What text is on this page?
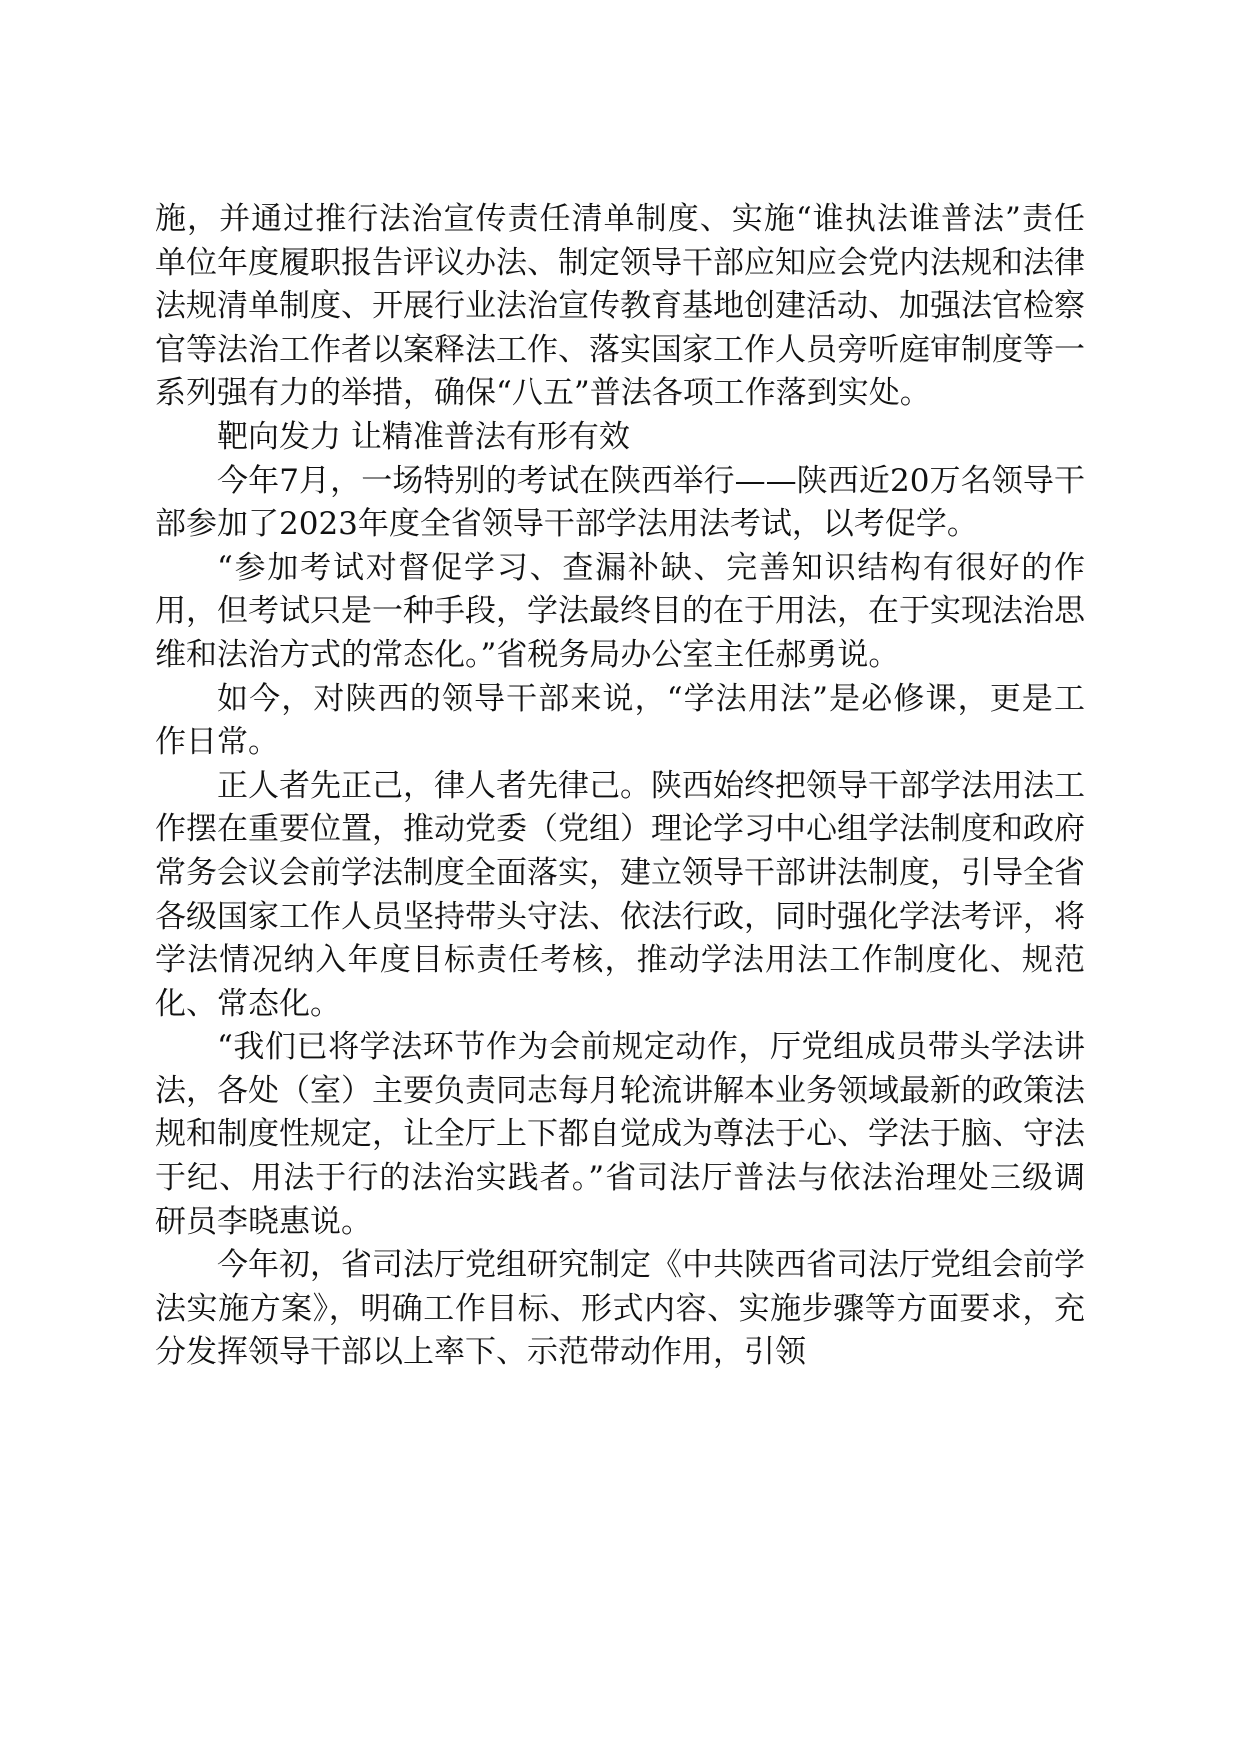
施，并通过推行法治宣传责任清单制度、实施“谁执法谁普法”责任单位年度履职报告评议办法、制定领导干部应知应会党内法规和法律法规清单制度、开展行业法治宣传教育基地创建活动、加强法官检察官等法治工作者以案释法工作、落实国家工作人员旁听庭审制度等一系列强有力的举措，确保“八五”普法各项工作落到实处。

靶向发力 让精准普法有形有效

今年7月，一场特别的考试在陕西举行——陕西近20万名领导干部参加了2023年度全省领导干部学法用法考试，以考促学。

“参加考试对督促学习、查漏补缺、完善知识结构有很好的作用，但考试只是一种手段，学法最终目的在于用法，在于实现法治思维和法治方式的常态化。”省税务局办公室主任郝勇说。

如今，对陕西的领导干部来说，“学法用法”是必修课，更是工作日常。

正人者先正己，律人者先律己。陕西始终把领导干部学法用法工作摆在重要位置，推动党委（党组）理论学习中心组学法制度和政府常务会议会前学法制度全面落实，建立领导干部讲法制度，引导全省各级国家工作人员坚持带头守法、依法行政，同时强化学法考评，将学法情况纳入年度目标责任考核，推动学法用法工作制度化、规范化、常态化。

“我们已将学法环节作为会前规定动作，厅党组成员带头学法讲法，各处（室）主要负责同志每月轮流讲解本业务领域最新的政策法规和制度性规定，让全厅上下都自觉成为尊法于心、学法于脑、守法于纪、用法于行的法治实践者。”省司法厅普法与依法治理处三级调研员李晓惠说。

今年初，省司法厅党组研究制定《中共陕西省司法厅党组会前学法实施方案》，明确工作目标、形式内容、实施步骤等方面要求，充分发挥领导干部以上率下、示范带动作用，引领
